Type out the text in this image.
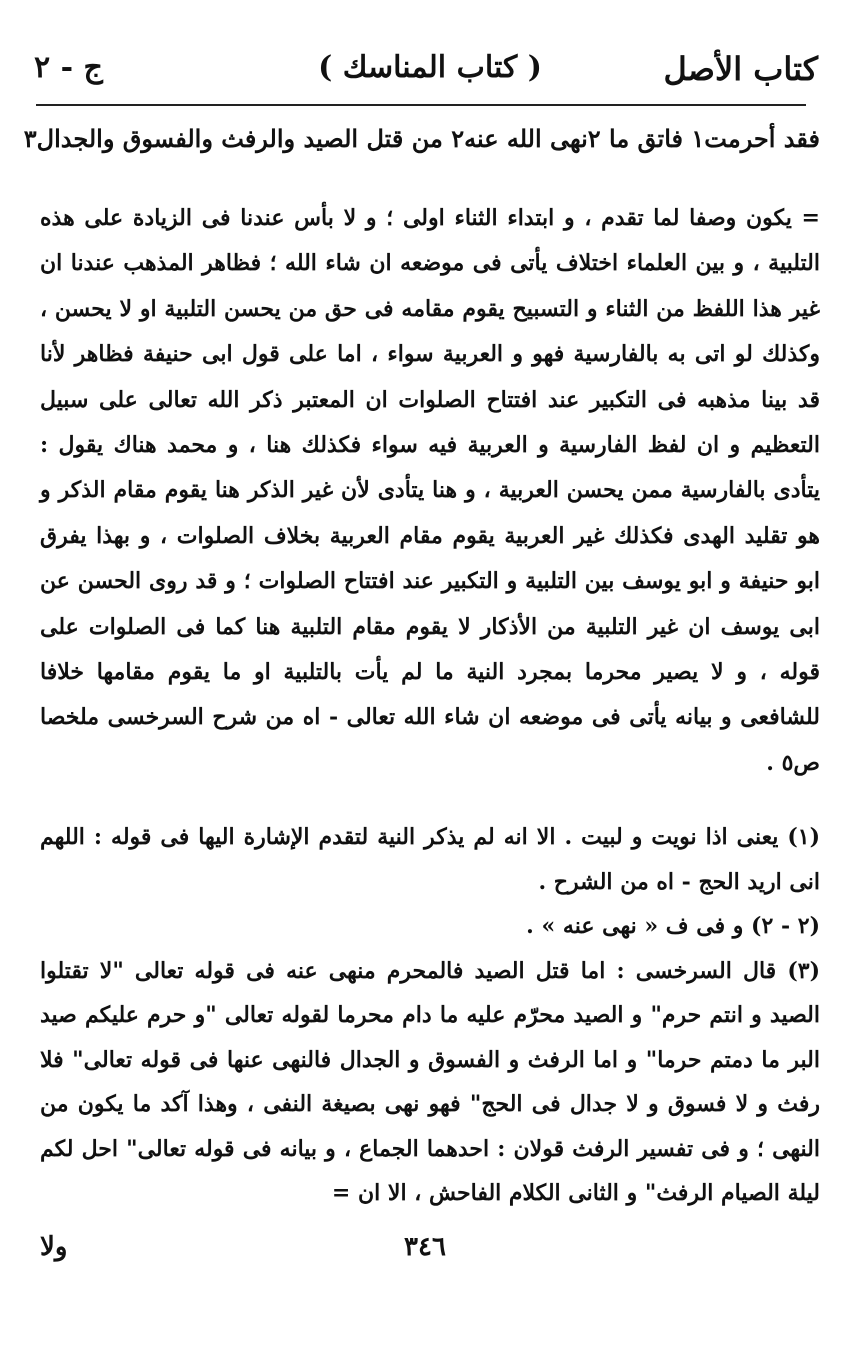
كتاب الأصل
( كتاب المناسك )
ج - ٢
فقد أحرمت١ فاتق ما ٢نهى الله عنه٢ من قتل الصيد والرفث والفسوق والجدال٣

= يكون وصفا لما تقدم ، و ابتداء الثناء اولى ؛ و لا بأس عندنا فى الزيادة على هذه التلبية ، و بين العلماء اختلاف يأتى فى موضعه ان شاء الله ؛ فظاهر المذهب عندنا ان غير هذا اللفظ من الثناء و التسبيح يقوم مقامه فى حق من يحسن التلبية او لا يحسن ، وكذلك لو اتى به بالفارسية فهو و العربية سواء ، اما على قول ابى حنيفة فظاهر لأنا قد بينا مذهبه فى التكبير عند افتتاح الصلوات ان المعتبر ذكر الله تعالى على سبيل التعظيم و ان لفظ الفارسية و العربية فيه سواء فكذلك هنا ، و محمد هناك يقول : يتأدى بالفارسية ممن يحسن العربية ، و هنا يتأدى لأن غير الذكر هنا يقوم مقام الذكر و هو تقليد الهدى فكذلك غير العربية يقوم مقام العربية بخلاف الصلوات ، و بهذا يفرق ابو حنيفة و ابو يوسف بين التلبية و التكبير عند افتتاح الصلوات ؛ و قد روى الحسن عن ابى يوسف ان غير التلبية من الأذكار لا يقوم مقام التلبية هنا كما فى الصلوات على قوله ، و لا يصير محرما بمجرد النية ما لم يأت بالتلبية او ما يقوم مقامها خلافا للشافعى و بيانه يأتى فى موضعه ان شاء الله تعالى - اه من شرح السرخسى ملخصا ص٥ .

(١) يعنى اذا نويت و لبيت . الا انه لم يذكر النية لتقدم الإشارة اليها فى قوله : اللهم انى اريد الحج - اه من الشرح .

(٢ - ٢) و فى ف « نهى عنه » .

(٣) قال السرخسى : اما قتل الصيد فالمحرم منهى عنه فى قوله تعالى "لا تقتلوا الصيد و انتم حرم" و الصيد محرّم عليه ما دام محرما لقوله تعالى "و حرم عليكم صيد البر ما دمتم حرما" و اما الرفث و الفسوق و الجدال فالنهى عنها فى قوله تعالى" فلا رفث و لا فسوق و لا جدال فى الحج" فهو نهى بصيغة النفى ، وهذا آكد ما يكون من النهى ؛ و فى تفسير الرفث قولان : احدهما الجماع ، و بيانه فى قوله تعالى" احل لكم ليلة الصيام الرفث" و الثانى الكلام الفاحش ، الا ان =

٣٤٦
ولا
